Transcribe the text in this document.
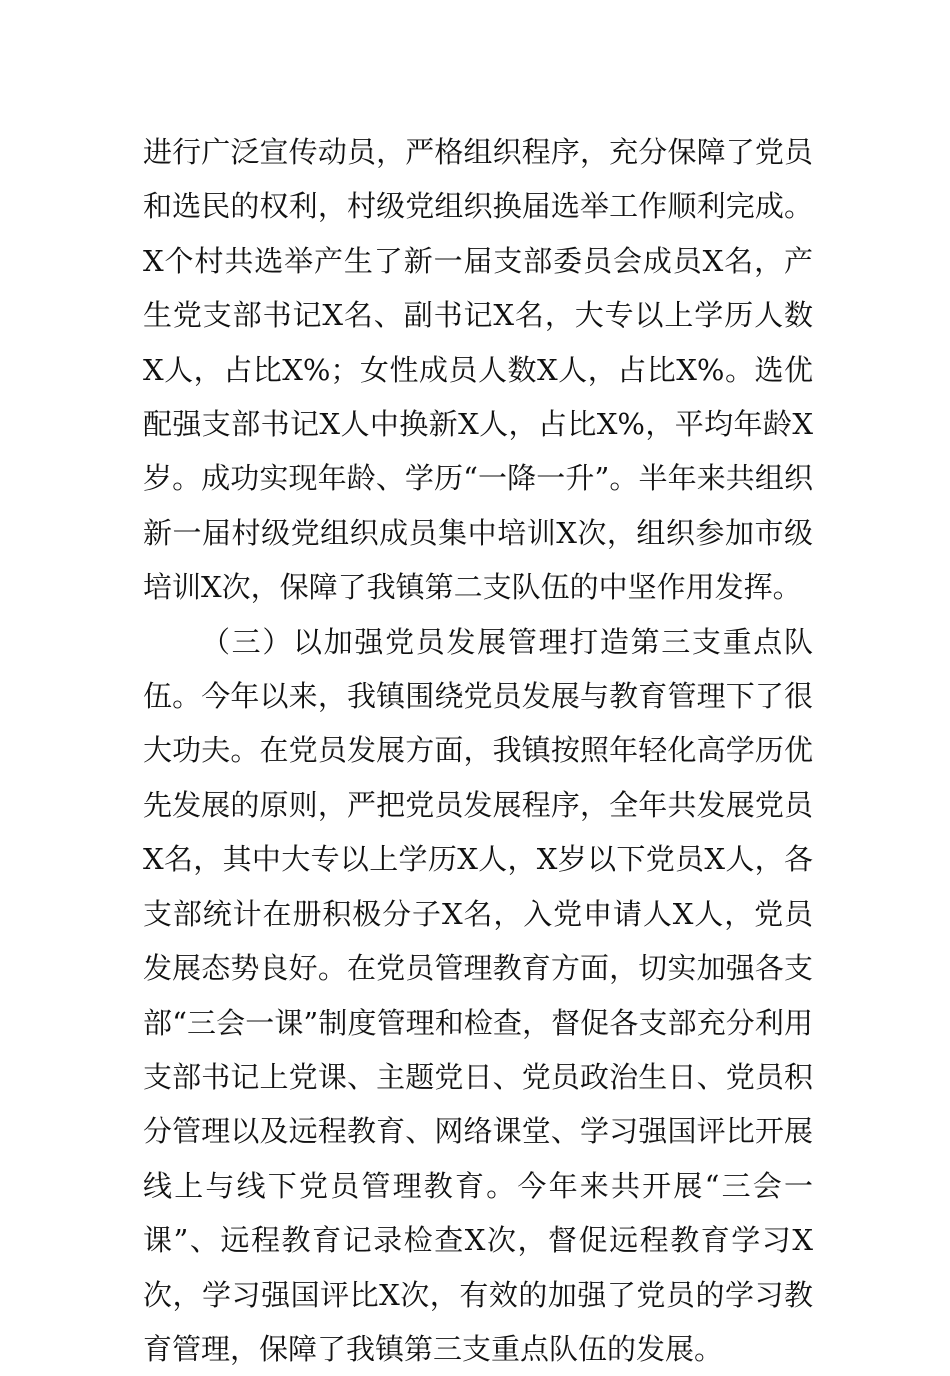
进行广泛宣传动员，严格组织程序，充分保障了党员和选民的权利，村级党组织换届选举工作顺利完成。X个村共选举产生了新一届支部委员会成员X名，产生党支部书记X名、副书记X名，大专以上学历人数X人，占比X%；女性成员人数X人，占比X%。选优配强支部书记X人中换新X人，占比X%，平均年龄X岁。成功实现年龄、学历“一降一升”。半年来共组织新一届村级党组织成员集中培训X次，组织参加市级培训X次，保障了我镇第二支队伍的中坚作用发挥。

（三）以加强党员发展管理打造第三支重点队伍。今年以来，我镇围绕党员发展与教育管理下了很大功夫。在党员发展方面，我镇按照年轻化高学历优先发展的原则，严把党员发展程序，全年共发展党员X名，其中大专以上学历X人，X岁以下党员X人，各支部统计在册积极分子X名，入党申请人X人，党员发展态势良好。在党员管理教育方面，切实加强各支部“三会一课”制度管理和检查，督促各支部充分利用支部书记上党课、主题党日、党员政治生日、党员积分管理以及远程教育、网络课堂、学习强国评比开展线上与线下党员管理教育。今年来共开展“三会一课”、远程教育记录检查X次，督促远程教育学习X次，学习强国评比X次，有效的加强了党员的学习教育管理，保障了我镇第三支重点队伍的发展。
